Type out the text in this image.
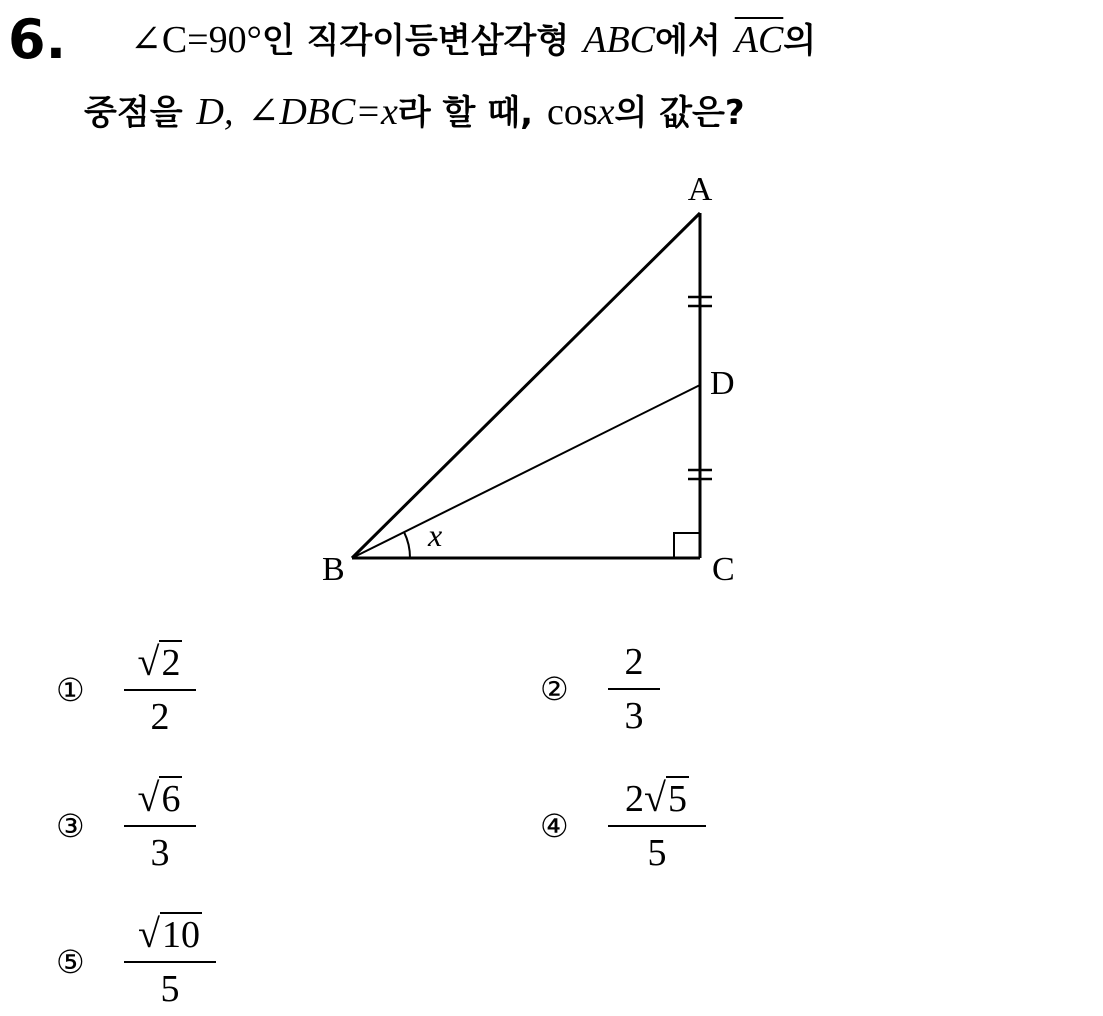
6. ∠C=90°인 직각이등변삼각형 ABC에서 $\overline{AC}$의
중점을 D, ∠DBC=x라 할 때, cosx의 값은?
A
B	C
D
x
① $\frac{√2}{2}$	②	$\frac{2}{3}$
③ $\frac{√6}{3}$	④	$\frac{2√5}{5}$
⑤ $\frac{√10}{5}$
